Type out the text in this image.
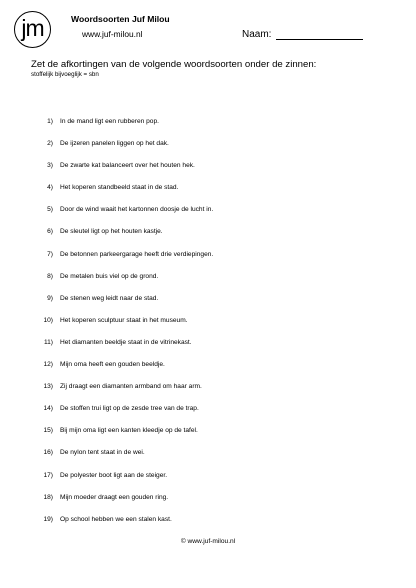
jm	Woordsoorten Juf Milou
www.juf-milou.nl	Naam:
Zet de afkortingen van de volgende woordsoorten onder de zinnen:
stoffelijk bijvoeglijk = sbn
1) In de mand ligt een rubberen pop.
2) De ijzeren panelen liggen op het dak.
3) De zwarte kat balanceert over het houten hek.
4) Het koperen standbeeld staat in de stad.
5) Door de wind waait het kartonnen doosje de lucht in.
6) De sleutel ligt op het houten kastje.
7) De betonnen parkeergarage heeft drie verdiepingen.
8) De metalen buis viel op de grond.
9) De stenen weg leidt naar de stad.
10) Het koperen sculptuur staat in het museum.
11) Het diamanten beeldje staat in de vitrinekast.
12) Mijn oma heeft een gouden beeldje.
13) Zij draagt een diamanten armband om haar arm.
14) De stoffen trui ligt op de zesde tree van de trap.
15) Bij mijn oma ligt een kanten kleedje op de tafel.
16) De nylon tent staat in de wei.
17) De polyester boot ligt aan de steiger.
18) Mijn moeder draagt een gouden ring.
19) Op school hebben we een stalen kast.
© www.juf-milou.nl
